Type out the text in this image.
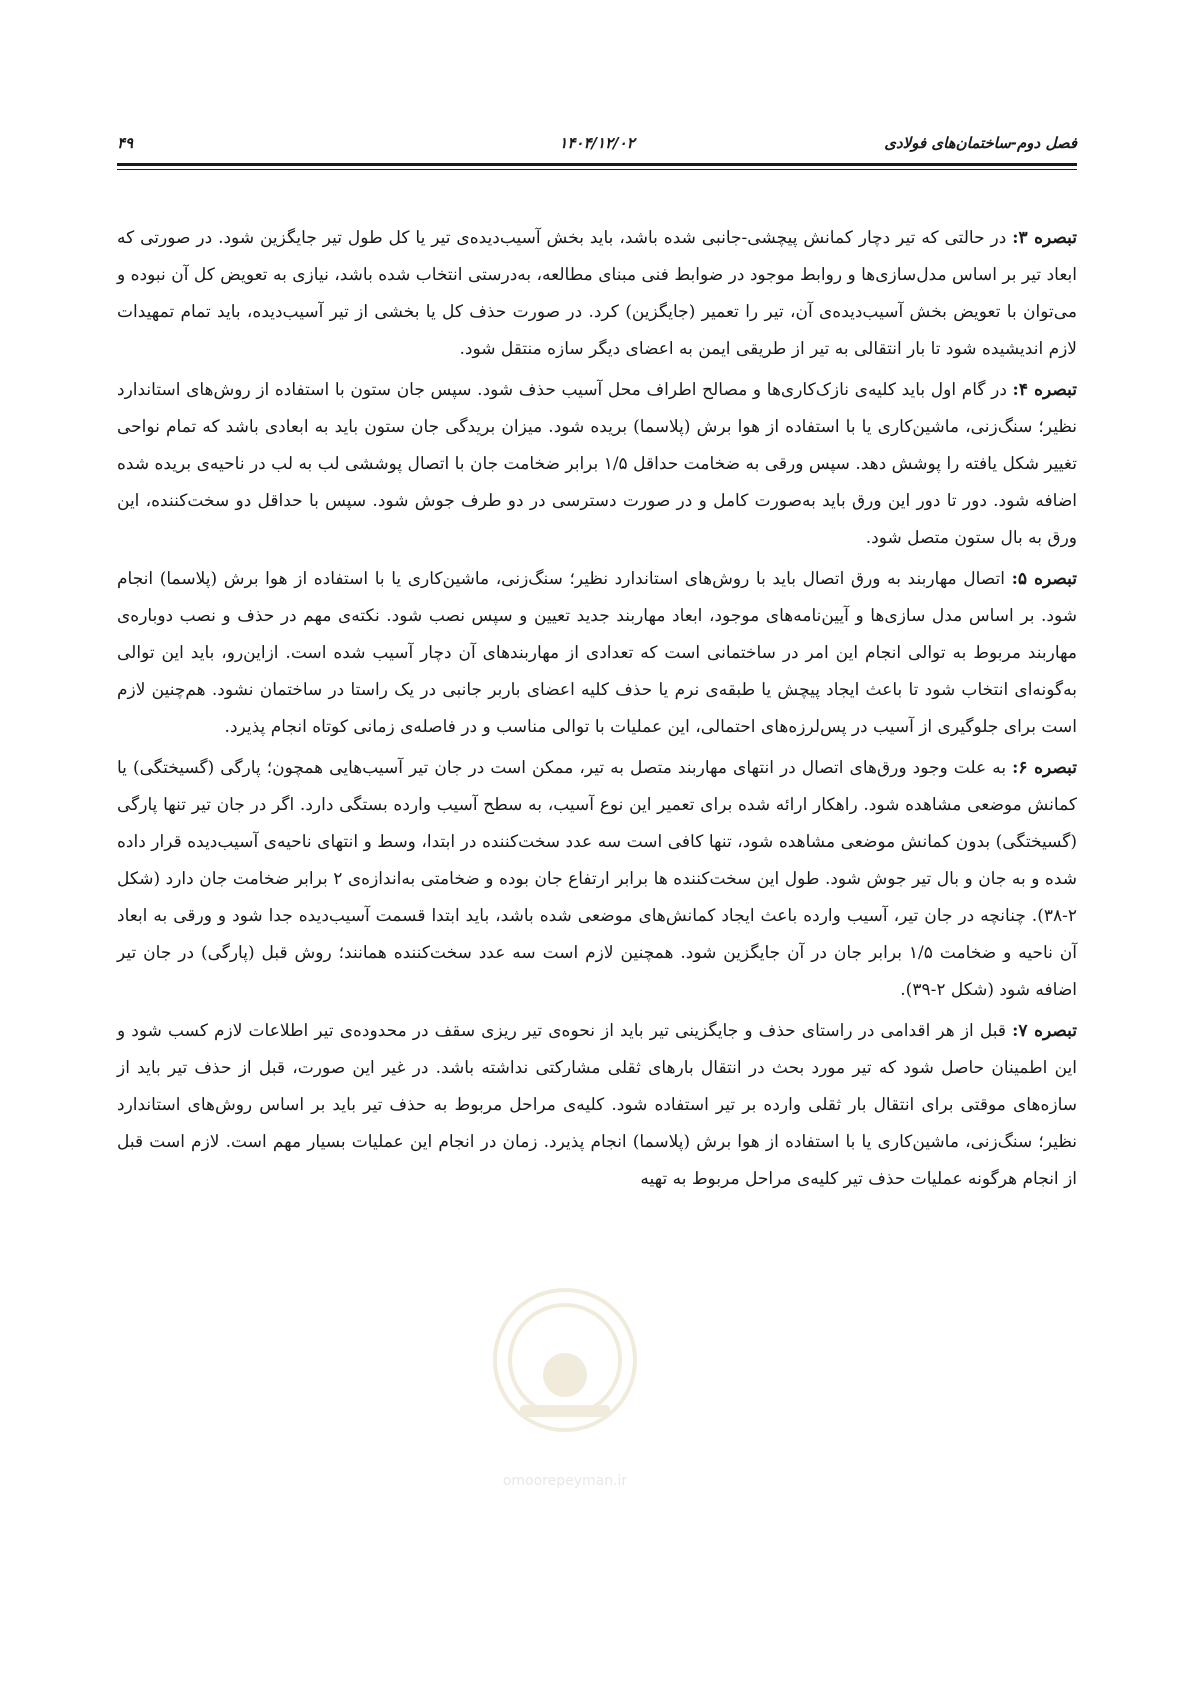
فصل دوم-ساختمان‌های فولادی
۱۴۰۴/۱۲/۰۲
۴۹

تبصره ۳: در حالتی که تیر دچار کمانش پیچشی-جانبی شده باشد، باید بخش آسیب‌دیده‌ی تیر یا کل طول تیر جایگزین شود. در صورتی که ابعاد تیر بر اساس مدل‌سازی‌ها و روابط موجود در ضوابط فنی مبنای مطالعه، به‌درستی انتخاب شده باشد، نیازی به تعویض کل آن نبوده و می‌توان با تعویض بخش آسیب‌دیده‌ی آن، تیر را تعمیر (جایگزین) کرد. در صورت حذف کل یا بخشی از تیر آسیب‌دیده، باید تمام تمهیدات لازم اندیشیده شود تا بار انتقالی به تیر از طریقی ایمن به اعضای دیگر سازه منتقل شود.

تبصره ۴: در گام اول باید کلیه‌ی نازک‌کاری‌ها و مصالح اطراف محل آسیب حذف شود. سپس جان ستون با استفاده از روش‌های استاندارد نظیر؛ سنگ‌زنی، ماشین‌کاری یا با استفاده از هوا برش (پلاسما) بریده شود. میزان بریدگی جان ستون باید به ابعادی باشد که تمام نواحی تغییر شکل یافته را پوشش دهد. سپس ورقی به ضخامت حداقل ۱/۵ برابر ضخامت جان با اتصال پوششی لب به لب در ناحیه‌ی بریده شده اضافه شود. دور تا دور این ورق باید به‌صورت کامل و در صورت دسترسی در دو طرف جوش شود. سپس با حداقل دو سخت‌کننده، این ورق به بال ستون متصل شود.

تبصره ۵: اتصال مهاربند به ورق اتصال باید با روش‌های استاندارد نظیر؛ سنگ‌زنی، ماشین‌کاری یا با استفاده از هوا برش (پلاسما) انجام شود. بر اساس مدل سازی‌ها و آیین‌نامه‌های موجود، ابعاد مهاربند جدید تعیین و سپس نصب شود. نکته‌ی مهم در حذف و نصب دوباره‌ی مهاربند مربوط به توالی انجام این امر در ساختمانی است که تعدادی از مهاربندهای آن دچار آسیب شده است. ازاین‌رو، باید این توالی به‌گونه‌ای انتخاب شود تا باعث ایجاد پیچش یا طبقه‌ی نرم یا حذف کلیه اعضای باربر جانبی در یک راستا در ساختمان نشود. هم‌چنین لازم است برای جلوگیری از آسیب در پس‌لرزه‌های احتمالی، این عملیات با توالی مناسب و در فاصله‌ی زمانی کوتاه انجام پذیرد.

تبصره ۶: به علت وجود ورق‌های اتصال در انتهای مهاربند متصل به تیر، ممکن است در جان تیر آسیب‌هایی همچون؛ پارگی (گسیختگی) یا کمانش موضعی مشاهده شود. راهکار ارائه شده برای تعمیر این نوع آسیب، به سطح آسیب وارده بستگی دارد. اگر در جان تیر تنها پارگی (گسیختگی) بدون کمانش موضعی مشاهده شود، تنها کافی است سه عدد سخت‌کننده در ابتدا، وسط و انتهای ناحیه‌ی آسیب‌دیده قرار داده شده و به جان و بال تیر جوش شود. طول این سخت‌کننده ها برابر ارتفاع جان بوده و ضخامتی به‌اندازه‌ی ۲ برابر ضخامت جان دارد (شکل ۲-۳۸). چنانچه در جان تیر، آسیب وارده باعث ایجاد کمانش‌های موضعی شده باشد، باید ابتدا قسمت آسیب‌دیده جدا شود و ورقی به ابعاد آن ناحیه و ضخامت ۱/۵ برابر جان در آن جایگزین شود. همچنین لازم است سه عدد سخت‌کننده همانند؛ روش قبل (پارگی) در جان تیر اضافه شود (شکل ۲-۳۹).

تبصره ۷: قبل از هر اقدامی در راستای حذف و جایگزینی تیر باید از نحوه‌ی تیر ریزی سقف در محدوده‌ی تیر اطلاعات لازم کسب شود و این اطمینان حاصل شود که تیر مورد بحث در انتقال بارهای ثقلی مشارکتی نداشته باشد. در غیر این صورت، قبل از حذف تیر باید از سازه‌های موقتی برای انتقال بار ثقلی وارده بر تیر استفاده شود. کلیه‌ی مراحل مربوط به حذف تیر باید بر اساس روش‌های استاندارد نظیر؛ سنگ‌زنی، ماشین‌کاری یا با استفاده از هوا برش (پلاسما) انجام پذیرد. زمان در انجام این عملیات بسیار مهم است. لازم است قبل از انجام هرگونه عملیات حذف تیر کلیه‌ی مراحل مربوط به تهیه

omoorepeyman.ir
